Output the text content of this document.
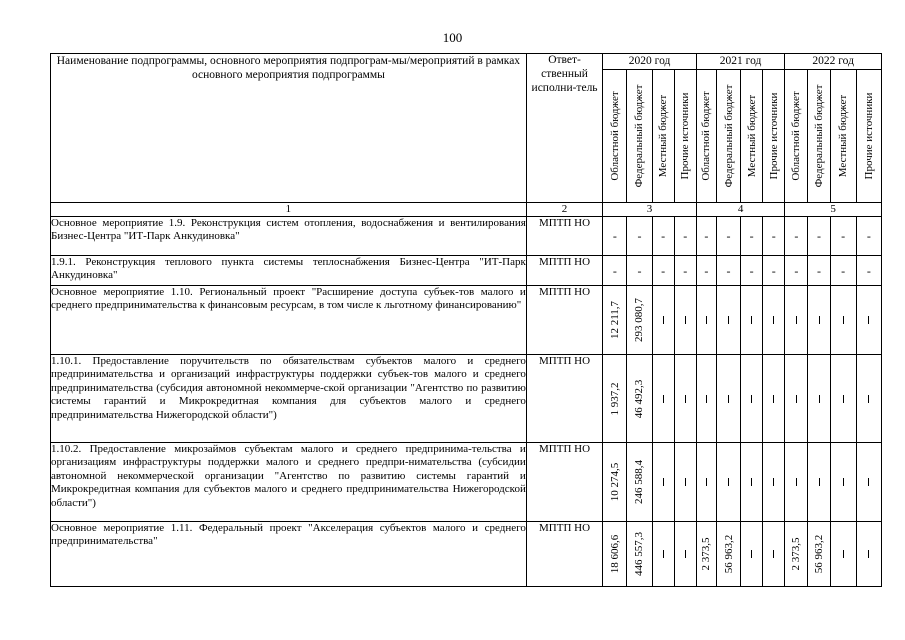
100
Наименование подпрограммы, основного мероприятия подпрограм-мы/мероприятий в рамках основного мероприятия подпрограммы	Ответ-ственный исполни-тель	2020 год				2021 год				2022 год			

		Областной бюджет	Федеральный бюджет	Местный бюджет	Прочие источники	Областной бюджет	Федеральный бюджет	Местный бюджет	Прочие источники	Областной бюджет	Федеральный бюджет	Местный бюджет	Прочие источники

1	2	3				4				5			
Основное мероприятие 1.9. Реконструкция систем отопления, водоснабжения и вентилирования Бизнес-Центра "ИТ-Парк Анкудиновка"	МПТП НО	-	-	-	-	-	-	-	-	-	-	-	-

1.9.1. Реконструкция теплового пункта системы теплоснабжения Бизнес-Центра "ИТ-Парк Анкудиновка"	МПТП НО	-	-	-	-	-	-	-	-	-	-	-	-

Основное мероприятие 1.10. Региональный проект "Расширение доступа субъек-тов малого и среднего предпринимательства к финансовым ресурсам, в том числе к льготному финансированию"	МПТП НО	12 211,7	293 080,7

1.10.1. Предоставление поручительств по обязательствам субъектов малого и среднего предпринимательства и организаций инфраструктуры поддержки субъек-тов малого и среднего предпринимательства (субсидия автономной некоммерче-ской организации "Агентство по развитию системы гарантий и Микрокредитная компания для субъектов малого и среднего предпринимательства Нижегородской области")	МПТП НО	1 937,2	46 492,3

1.10.2. Предоставление микрозаймов субъектам малого и среднего предпринима-тельства и организациям инфраструктуры поддержки малого и среднего предпри-нимательства (субсидии автономной некоммерческой организации "Агентство по развитию системы гарантий и Микрокредитная компания для субъектов малого и среднего предпринимательства Нижегородской области")	МПТП НО	10 274,5	246 588,4

Основное мероприятие 1.11. Федеральный проект "Акселерация субъектов малого и среднего предпринимательства"	МПТП НО	18 606,6	446 557,3			2 373,5	56 963,2			2 373,5	56 963,2
